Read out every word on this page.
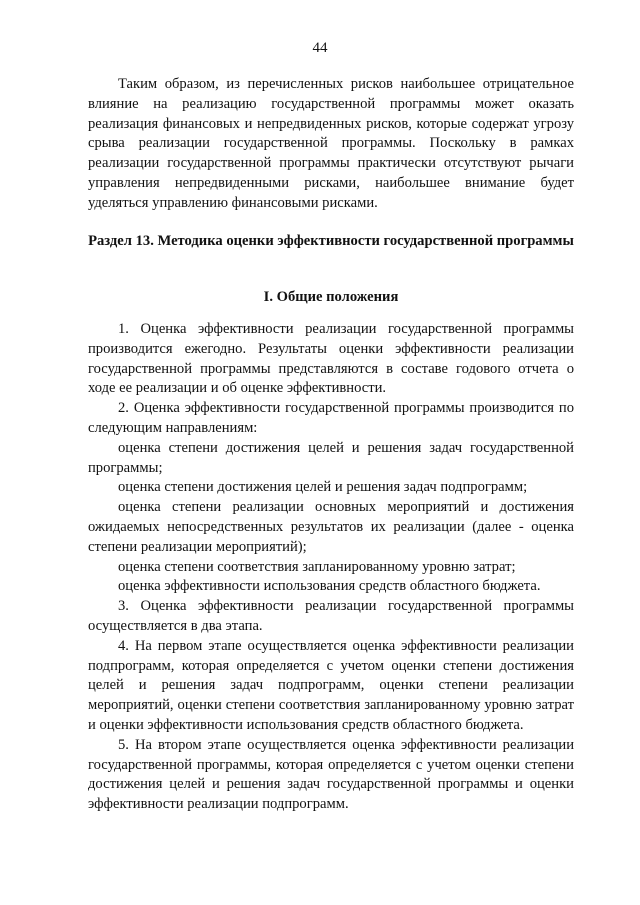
44

Таким образом, из перечисленных рисков наибольшее отрицательное влияние на реализацию государственной программы может оказать реализация финансовых и непредвиденных рисков, которые содержат угрозу срыва реализации государственной программы. Поскольку в рамках реализации государственной программы практически отсутствуют рычаги управления непредвиденными рисками, наибольшее внимание будет уделяться управлению финансовыми рисками.

Раздел 13. Методика оценки эффективности государственной программы
I. Общие положения

1. Оценка эффективности реализации государственной программы производится ежегодно. Результаты оценки эффективности реализации государственной программы представляются в составе годового отчета о ходе ее реализации и об оценке эффективности.

2. Оценка эффективности государственной программы производится по следующим направлениям:

оценка степени достижения целей и решения задач государственной программы;

оценка степени достижения целей и решения задач подпрограмм;

оценка степени реализации основных мероприятий и достижения ожидаемых непосредственных результатов их реализации (далее - оценка степени реализации мероприятий);

оценка степени соответствия запланированному уровню затрат;

оценка эффективности использования средств областного бюджета.

3. Оценка эффективности реализации государственной программы осуществляется в два этапа.

4. На первом этапе осуществляется оценка эффективности реализации подпрограмм, которая определяется с учетом оценки степени достижения целей и решения задач подпрограмм, оценки степени реализации мероприятий, оценки степени соответствия запланированному уровню затрат и оценки эффективности использования средств областного бюджета.

5. На втором этапе осуществляется оценка эффективности реализации государственной программы, которая определяется с учетом оценки степени достижения целей и решения задач государственной программы и оценки эффективности реализации подпрограмм.
